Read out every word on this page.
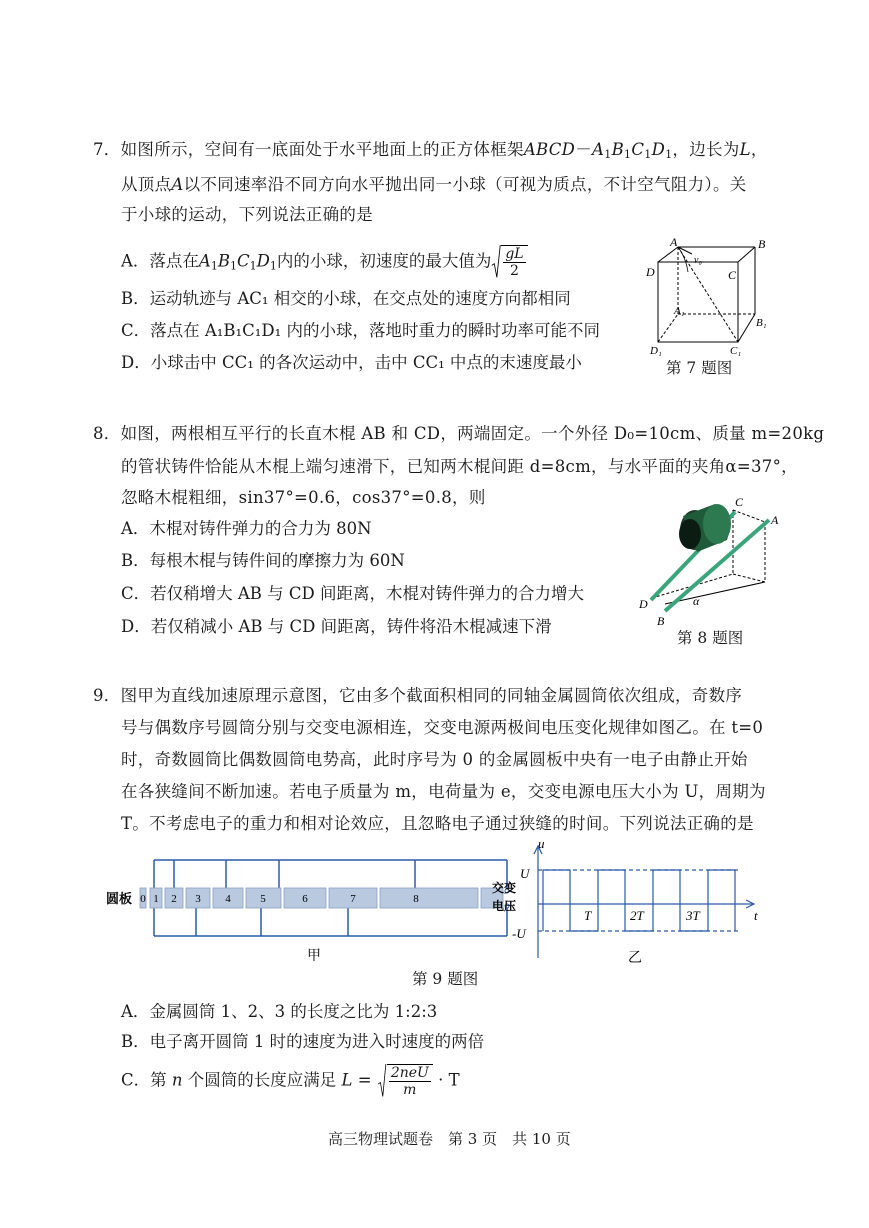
7．如图所示，空间有一底面处于水平地面上的正方体框架$ABCD-A_1B_1C_1D_1$，边长为L，
从顶点A以不同速率沿不同方向水平抛出同一小球（可视为质点，不计空气阻力）。关
于小球的运动，下列说法正确的是
A．落点在$A_1B_1C_1D_1$内的小球，初速度的最大值为 $\frac{gL}{2}$
B．运动轨迹与 AC₁ 相交的小球，在交点处的速度方向都相同
C．落点在 A₁B₁C₁D₁ 内的小球，落地时重力的瞬时功率可能不同
D．小球击中 CC₁ 的各次运动中，击中 CC₁ 中点的末速度最小
A	B
C
D
A₁
B₁
C₁
D₁
v₀
第 7 题图
8．如图，两根相互平行的长直木棍 AB 和 CD，两端固定。一个外径 D₀=10cm、质量 m=20kg
的管状铸件恰能从木棍上端匀速滑下，已知两木棍间距 d=8cm，与水平面的夹角α=37°，
忽略木棍粗细，sin37°=0.6，cos37°=0.8，则
A．木棍对铸件弹力的合力为 80N
B．每根木棍与铸件间的摩擦力为 60N
C．若仅稍增大 AB 与 CD 间距离，木棍对铸件弹力的合力增大
D．若仅稍减小 AB 与 CD 间距离，铸件将沿木棍减速下滑
C
A
D
B
α
第 8 题图
9．图甲为直线加速原理示意图，它由多个截面积相同的同轴金属圆筒依次组成，奇数序
号与偶数序号圆筒分别与交变电源相连，交变电源两极间电压变化规律如图乙。在 t=0
时，奇数圆筒比偶数圆筒电势高，此时序号为 0 的金属圆板中央有一电子由静止开始
在各狭缝间不断加速。若电子质量为 m，电荷量为 e，交变电源电压大小为 U，周期为
T。不考虑电子的重力和相对论效应，且忽略电子通过狭缝的时间。下列说法正确的是
圆板 0 1 2 3 4	5	6	7	8
交变
电压
甲
u
t
U
-U
T	2T	3T
乙
第 9 题图
A．金属圆筒 1、2、3 的长度之比为 1:2:3
B．电子离开圆筒 1 时的速度为进入时速度的两倍
C．第 n 个圆筒的长度应满足 $L = \frac{\text{2neU}}{m} \cdot T$
高三物理试题卷　第 3 页　共 10 页
